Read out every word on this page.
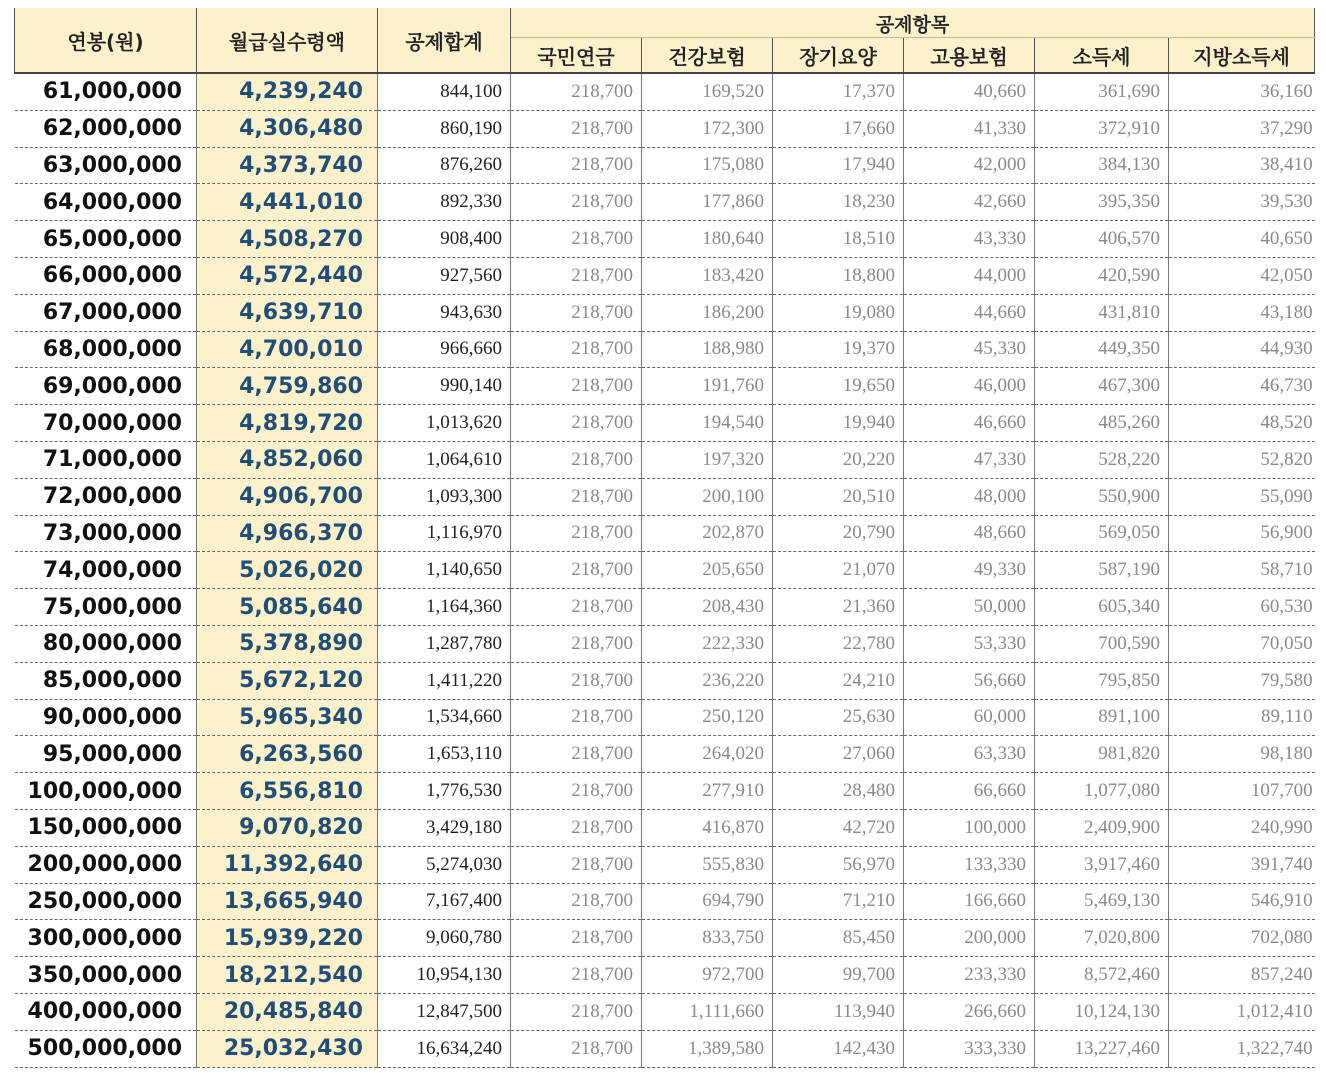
연봉(원)	월급실수령액	공제합계	공제항목					
			국민연금	건강보험	장기요양	고용보험	소득세	지방소득세
61,000,000	4,239,240	844,100	218,700	169,520	17,370	40,660	361,690	36,160
62,000,000	4,306,480	860,190	218,700	172,300	17,660	41,330	372,910	37,290
63,000,000	4,373,740	876,260	218,700	175,080	17,940	42,000	384,130	38,410
64,000,000	4,441,010	892,330	218,700	177,860	18,230	42,660	395,350	39,530
65,000,000	4,508,270	908,400	218,700	180,640	18,510	43,330	406,570	40,650
66,000,000	4,572,440	927,560	218,700	183,420	18,800	44,000	420,590	42,050
67,000,000	4,639,710	943,630	218,700	186,200	19,080	44,660	431,810	43,180
68,000,000	4,700,010	966,660	218,700	188,980	19,370	45,330	449,350	44,930
69,000,000	4,759,860	990,140	218,700	191,760	19,650	46,000	467,300	46,730
70,000,000	4,819,720	1,013,620	218,700	194,540	19,940	46,660	485,260	48,520
71,000,000	4,852,060	1,064,610	218,700	197,320	20,220	47,330	528,220	52,820
72,000,000	4,906,700	1,093,300	218,700	200,100	20,510	48,000	550,900	55,090
73,000,000	4,966,370	1,116,970	218,700	202,870	20,790	48,660	569,050	56,900
74,000,000	5,026,020	1,140,650	218,700	205,650	21,070	49,330	587,190	58,710
75,000,000	5,085,640	1,164,360	218,700	208,430	21,360	50,000	605,340	60,530
80,000,000	5,378,890	1,287,780	218,700	222,330	22,780	53,330	700,590	70,050
85,000,000	5,672,120	1,411,220	218,700	236,220	24,210	56,660	795,850	79,580
90,000,000	5,965,340	1,534,660	218,700	250,120	25,630	60,000	891,100	89,110
95,000,000	6,263,560	1,653,110	218,700	264,020	27,060	63,330	981,820	98,180
100,000,000	6,556,810	1,776,530	218,700	277,910	28,480	66,660	1,077,080	107,700
150,000,000	9,070,820	3,429,180	218,700	416,870	42,720	100,000	2,409,900	240,990
200,000,000	11,392,640	5,274,030	218,700	555,830	56,970	133,330	3,917,460	391,740
250,000,000	13,665,940	7,167,400	218,700	694,790	71,210	166,660	5,469,130	546,910
300,000,000	15,939,220	9,060,780	218,700	833,750	85,450	200,000	7,020,800	702,080
350,000,000	18,212,540	10,954,130	218,700	972,700	99,700	233,330	8,572,460	857,240
400,000,000	20,485,840	12,847,500	218,700	1,111,660	113,940	266,660	10,124,130	1,012,410
500,000,000	25,032,430	16,634,240	218,700	1,389,580	142,430	333,330	13,227,460	1,322,740
